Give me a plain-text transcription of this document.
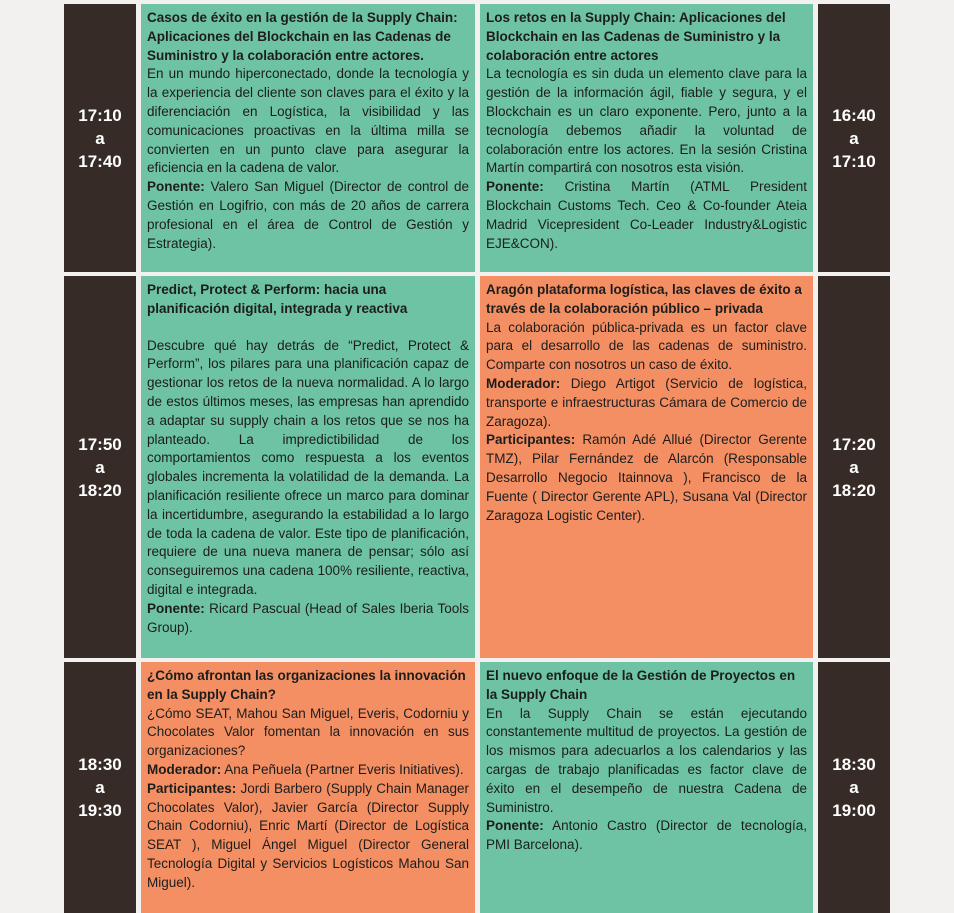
17:10
a
17:40

Casos de éxito en la gestión de la Supply Chain: Aplicaciones del Blockchain en las Cadenas de Suministro y la colaboración entre actores.

En un mundo hiperconectado, donde la tecnología y la experiencia del cliente son claves para el éxito y la diferenciación en Logística, la visibilidad y las comunicaciones proactivas en la última milla se convierten en un punto clave para asegurar la eficiencia en la cadena de valor.

Ponente: Valero San Miguel (Director de control de Gestión en Logifrio, con más de 20 años de carrera profesional en el área de Control de Gestión y Estrategia).

Los retos en la Supply Chain: Aplicaciones del Blockchain en las Cadenas de Suministro y la colaboración entre actores

La tecnología es sin duda un elemento clave para la gestión de la información ágil, fiable y segura, y el Blockchain es un claro exponente. Pero, junto a la tecnología debemos añadir la voluntad de colaboración entre los actores. En la sesión Cristina Martín compartirá con nosotros esta visión.

Ponente: Cristina Martín (ATML President Blockchain Customs Tech. Ceo & Co-founder Ateia Madrid Vicepresident Co-Leader Industry&Logistic EJE&CON).

16:40
a
17:10
17:50
a
18:20

Predict, Protect & Perform: hacia una planificación digital, integrada y reactiva

Descubre qué hay detrás de “Predict, Protect & Perform”, los pilares para una planificación capaz de gestionar los retos de la nueva normalidad. A lo largo de estos últimos meses, las empresas han aprendido a adaptar su supply chain a los retos que se nos ha planteado. La impredictibilidad de los comportamientos como respuesta a los eventos globales incrementa la volatilidad de la demanda. La planificación resiliente ofrece un marco para dominar la incertidumbre, asegurando la estabilidad a lo largo de toda la cadena de valor. Este tipo de planificación, requiere de una nueva manera de pensar; sólo así conseguiremos una cadena 100% resiliente, reactiva, digital e integrada.

Ponente: Ricard Pascual (Head of Sales Iberia Tools Group).

Aragón plataforma logística, las claves de éxito a través de la colaboración público – privada

La colaboración pública-privada es un factor clave para el desarrollo de las cadenas de suministro. Comparte con nosotros un caso de éxito.

Moderador: Diego Artigot (Servicio de logística, transporte e infraestructuras Cámara de Comercio de Zaragoza).

Participantes: Ramón Adé Allué (Director Gerente TMZ), Pilar Fernández de Alarcón (Responsable Desarrollo Negocio Itainnova ), Francisco de la Fuente ( Director Gerente APL), Susana Val (Director Zaragoza Logistic Center).

17:20
a
18:20
18:30
a
19:30

¿Cómo afrontan las organizaciones la innovación en la Supply Chain?

¿Cómo SEAT, Mahou San Miguel, Everis, Codorniu y Chocolates Valor fomentan la innovación en sus organizaciones?

Moderador: Ana Peñuela (Partner Everis Initiatives).

Participantes: Jordi Barbero (Supply Chain Manager Chocolates Valor), Javier García (Director Supply Chain Codorniu), Enric Martí (Director de Logística SEAT ), Miguel Ángel Miguel (Director General Tecnología Digital y Servicios Logísticos Mahou San Miguel).

El nuevo enfoque de la Gestión de Proyectos en la Supply Chain

En la Supply Chain se están ejecutando constantemente multitud de proyectos. La gestión de los mismos para adecuarlos a los calendarios y las cargas de trabajo planificadas es factor clave de éxito en el desempeño de nuestra Cadena de Suministro.

Ponente: Antonio Castro (Director de tecnología, PMI Barcelona).

18:30
a
19:00
